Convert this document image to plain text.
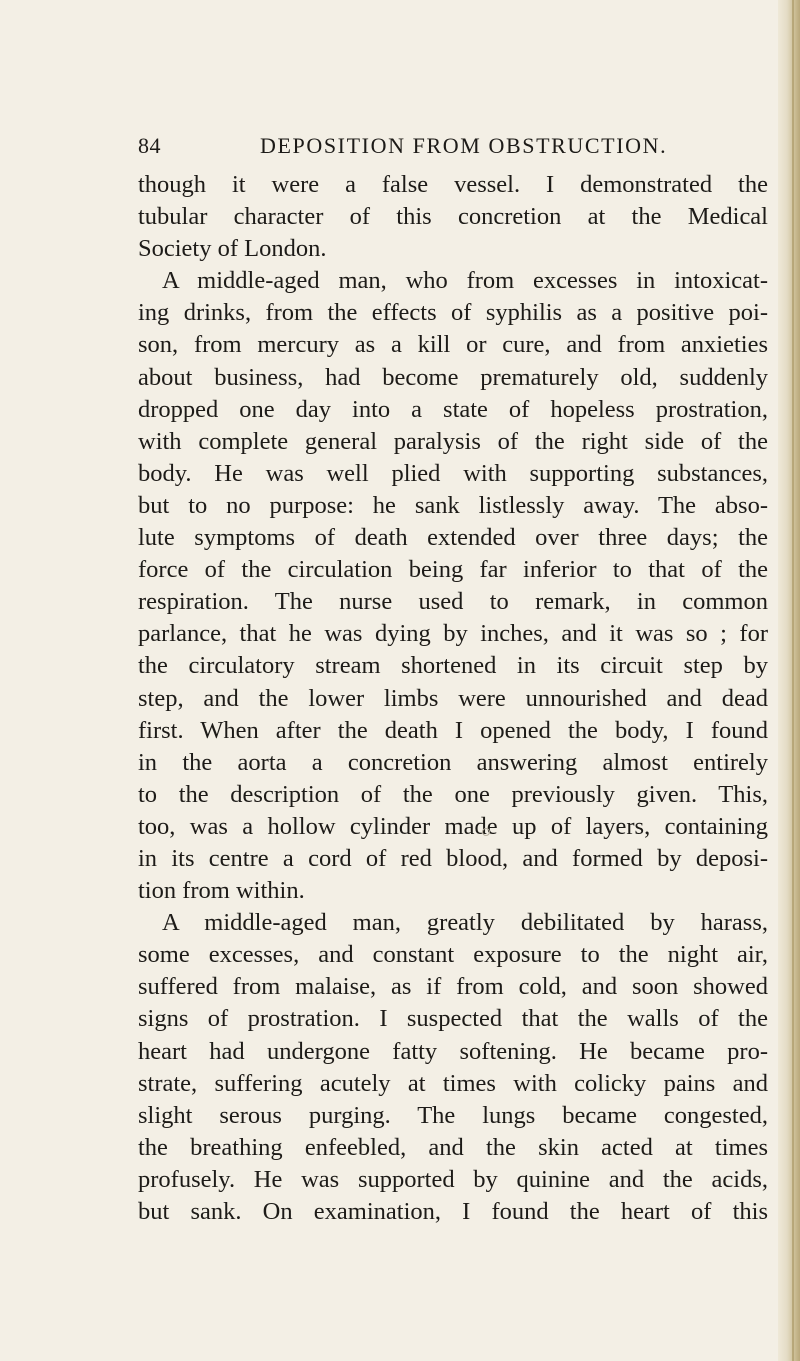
84	DEPOSITION FROM OBSTRUCTION.
though it were a false vessel. I demonstrated the
tubular character of this concretion at the Medical
Society of London.
A middle-aged man, who from excesses in intoxicat-
ing drinks, from the effects of syphilis as a positive poi-
son, from mercury as a kill or cure, and from anxieties
about business, had become prematurely old, suddenly
dropped one day into a state of hopeless prostration,
with complete general paralysis of the right side of the
body. He was well plied with supporting substances,
but to no purpose: he sank listlessly away. The abso-
lute symptoms of death extended over three days; the
force of the circulation being far inferior to that of the
respiration. The nurse used to remark, in common
parlance, that he was dying by inches, and it was so ; for
the circulatory stream shortened in its circuit step by
step, and the lower limbs were unnourished and dead
first. When after the death I opened the body, I found
in the aorta a concretion answering almost entirely
to the description of the one previously given. This,
too, was a hollow cylinder made up of layers, containing
in its centre a cord of red blood, and formed by deposi-
tion from within.
A middle-aged man, greatly debilitated by harass,
some excesses, and constant exposure to the night air,
suffered from malaise, as if from cold, and soon showed
signs of prostration. I suspected that the walls of the
heart had undergone fatty softening. He became pro-
strate, suffering acutely at times with colicky pains and
slight serous purging. The lungs became congested,
the breathing enfeebled, and the skin acted at times
profusely. He was supported by quinine and the acids,
but sank. On examination, I found the heart of this
